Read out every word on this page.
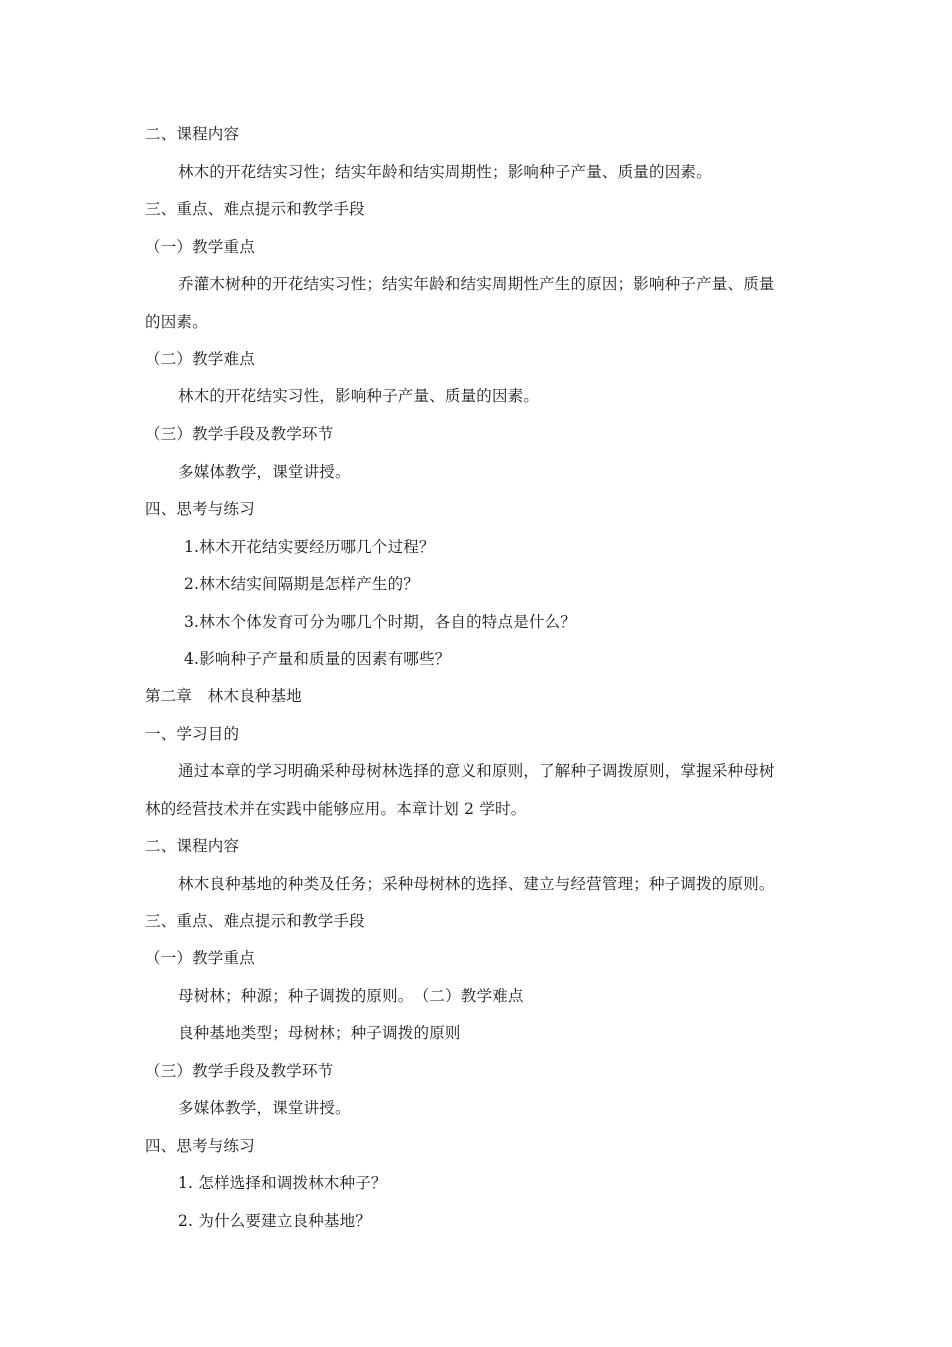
二、课程内容
林木的开花结实习性；结实年龄和结实周期性；影响种子产量、质量的因素。
三、重点、难点提示和教学手段
（一）教学重点
乔灌木树种的开花结实习性；结实年龄和结实周期性产生的原因；影响种子产量、质量
的因素。
（二）教学难点
林木的开花结实习性，影响种子产量、质量的因素。
（三）教学手段及教学环节
多媒体教学，课堂讲授。
四、思考与练习
1.林木开花结实要经历哪几个过程？
2.林木结实间隔期是怎样产生的？
3.林木个体发育可分为哪几个时期，各自的特点是什么？
4.影响种子产量和质量的因素有哪些？
第二章　林木良种基地
一、学习目的
通过本章的学习明确采种母树林选择的意义和原则，了解种子调拨原则，掌握采种母树
林的经营技术并在实践中能够应用。本章计划 2 学时。
二、课程内容
林木良种基地的种类及任务；采种母树林的选择、建立与经营管理；种子调拨的原则。
三、重点、难点提示和教学手段
（一）教学重点
母树林；种源；种子调拨的原则。　（二）教学难点
良种基地类型；母树林；种子调拨的原则
（三）教学手段及教学环节
多媒体教学，课堂讲授。
四、思考与练习
1. 怎样选择和调拨林木种子？
2. 为什么要建立良种基地？
